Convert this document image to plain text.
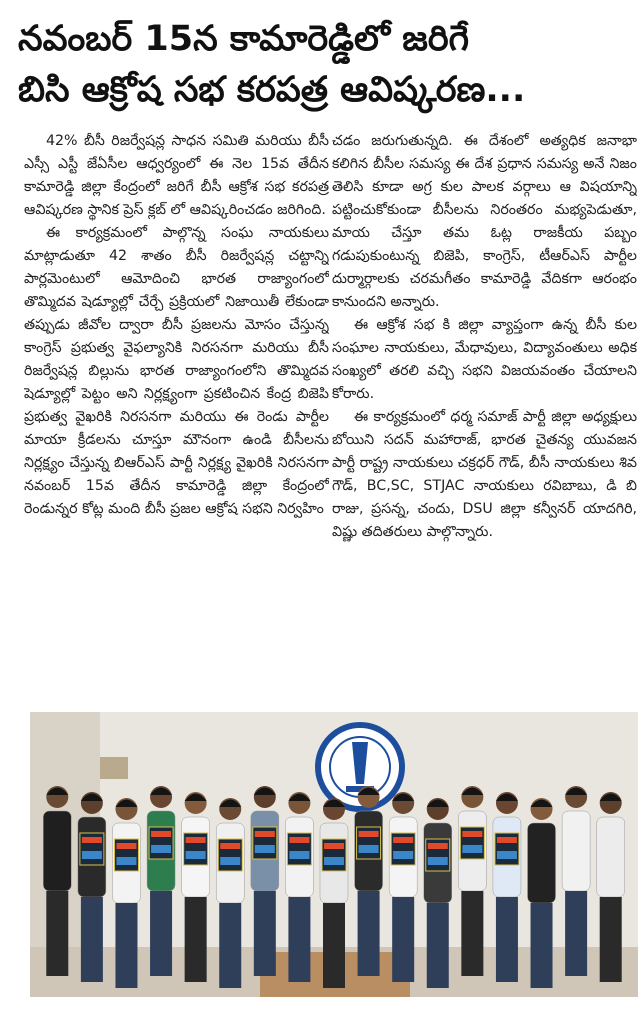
నవంబర్ 15న కామారెడ్డిలో జరిగే
బిసి ఆక్రోష సభ కరపత్ర ఆవిష్కరణ...

42% బీసీ రిజర్వేషన్ల సాధన సమితి మరియు బీసీ ఎస్సీ ఎస్టీ జేఏసీల ఆధ్వర్యంలో ఈ నెల 15వ తేదీన కామారెడ్డి జిల్లా కేంద్రంలో జరిగే బీసీ ఆక్రోశ సభ కరపత్ర ఆవిష్కరణ స్థానిక ప్రెస్ క్లబ్ లో ఆవిష్కరించడం జరిగింది.

ఈ కార్యక్రమంలో పాల్గొన్న సంఘ నాయకులు మాట్లాడుతూ 42 శాతం బీసీ రిజర్వేషన్ల చట్టాన్ని పార్లమెంటులో ఆమోదించి భారత రాజ్యాంగంలో తొమ్మిదవ షెడ్యూల్లో చేర్చే ప్రక్రియలో నిజాయితీ లేకుండా తప్పుడు జీవోల ద్వారా బీసీ ప్రజలను మోసం చేస్తున్న కాంగ్రెస్ ప్రభుత్వ వైఫల్యానికి నిరసనగా మరియు బీసీ రిజర్వేషన్ల బిల్లును భారత రాజ్యాంగంలోని తొమ్మిదవ షెడ్యూల్లో పెట్టం అని నిర్లక్ష్యంగా ప్రకటించిన కేంద్ర బిజెపి ప్రభుత్వ వైఖరికి నిరసనగా మరియు ఈ రెండు పార్టీల మాయా క్రీడలను చూస్తూ మౌనంగా ఉండి బీసీలను నిర్లక్ష్యం చేస్తున్న బిఆర్ఎస్ పార్టీ నిర్లక్ష్య వైఖరికి నిరసనగా నవంబర్ 15వ తేదీన కామారెడ్డి జిల్లా కేంద్రంలో రెండున్నర కోట్ల మంది బీసీ ప్రజల ఆక్రోష సభని నిర్వహిం

చడం జరుగుతున్నది. ఈ దేశంలో అత్యధిక జనాభా కలిగిన బీసీల సమస్య ఈ దేశ ప్రధాన సమస్య అనే నిజం తెలిసి కూడా అగ్ర కుల పాలక వర్గాలు ఆ విషయాన్ని పట్టించుకోకుండా బీసీలను నిరంతరం మభ్యపెడుతూ, మాయ చేస్తూ తమ ఓట్ల రాజకీయ పబ్బం గడుపుకుంటున్న బిజెపి, కాంగ్రెస్, టీఆర్ఎస్ పార్టీల దుర్మార్గాలకు చరమగీతం కామారెడ్డి వేదికగా ఆరంభం కానుందని అన్నారు.

ఈ ఆక్రోశ సభ కి జిల్లా వ్యాప్తంగా ఉన్న బీసీ కుల సంఘాల నాయకులు, మేధావులు, విద్యావంతులు అధిక సంఖ్యలో తరలి వచ్చి సభని విజయవంతం చేయాలని కోరారు.

ఈ కార్యక్రమంలో ధర్మ సమాజ్ పార్టీ జిల్లా అధ్యక్షులు బోయిని సదన్ మహారాజ్, భారత చైతన్య యువజన పార్టీ రాష్ట్ర నాయకులు చక్రధర్ గౌడ్, బీసీ నాయకులు శివ గౌడ్, BC,SC, STJAC నాయకులు రవిబాబు, డి బి రాజు, ప్రసన్న, చందు, DSU జిల్లా కన్వీనర్ యాదగిరి, విష్ణు తదితరులు పాల్గొన్నారు.
